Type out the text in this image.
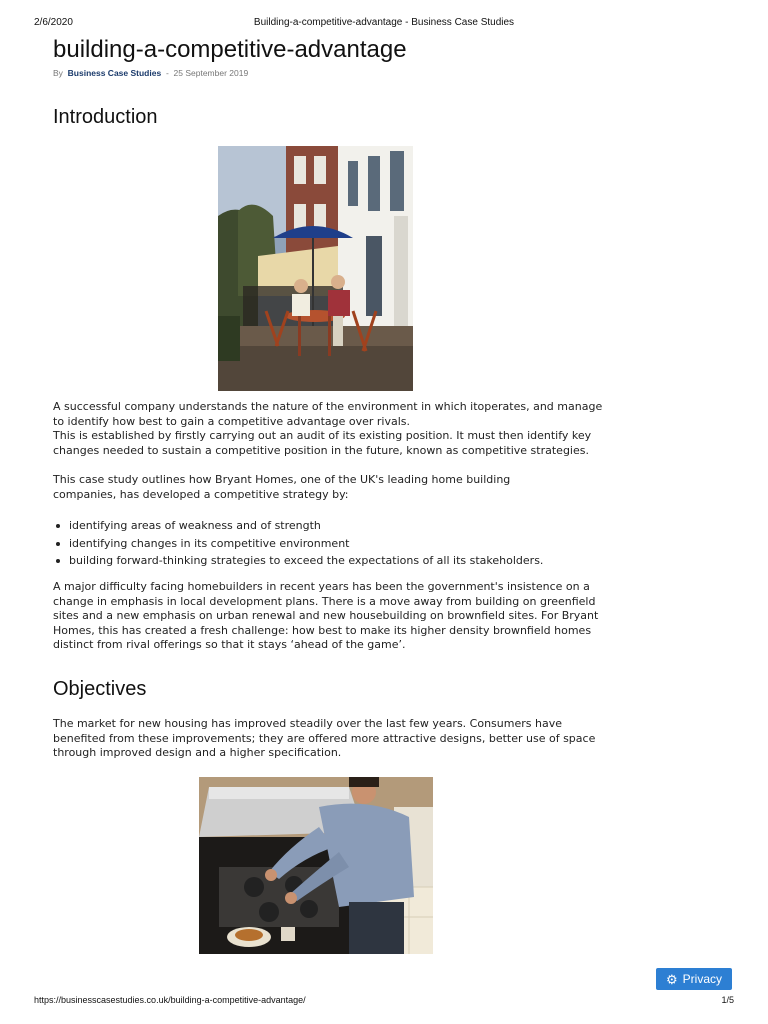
2/6/2020	Building-a-competitive-advantage - Business Case Studies
building-a-competitive-advantage
By Business Case Studies - 25 September 2019
Introduction

A successful company understands the nature of the environment in which itoperates, and manage
to identify how best to gain a competitive advantage over rivals.
This is established by firstly carrying out an audit of its existing position. It must then identify key
changes needed to sustain a competitive position in the future, known as competitive strategies.

This case study outlines how Bryant Homes, one of the UK's leading home building
companies, has developed a competitive strategy by:

identifying areas of weakness and of strength
identifying changes in its competitive environment
building forward-thinking strategies to exceed the expectations of all its stakeholders.

A major difficulty facing homebuilders in recent years has been the government's insistence on a
change in emphasis in local development plans. There is a move away from building on greenfield
sites and a new emphasis on urban renewal and new housebuilding on brownfield sites. For Bryant
Homes, this has created a fresh challenge: how best to make its higher density brownfield homes
distinct from rival offerings so that it stays ‘ahead of the game’.

Objectives

The market for new housing has improved steadily over the last few years. Consumers have
benefited from these improvements; they are offered more attractive designs, better use of space
through improved design and a higher specification.

⚙ Privacy
https://businesscasestudies.co.uk/building-a-competitive-advantage/	1/5
